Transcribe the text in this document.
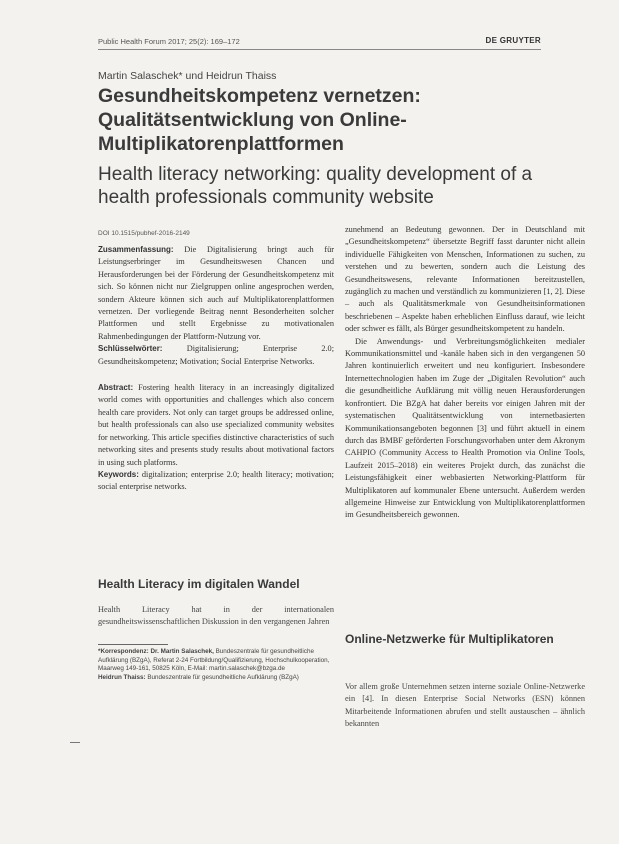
Public Health Forum 2017; 25(2): 169–172	DE GRUYTER
Martin Salaschek* und Heidrun Thaiss
Gesundheitskompetenz vernetzen: Qualitätsentwicklung von Online-Multiplikatorenplattformen
Health literacy networking: quality development of a health professionals community website
DOI 10.1515/pubhef-2016-2149

Zusammenfassung: Die Digitalisierung bringt auch für Leistungserbringer im Gesundheitswesen Chancen und Herausforderungen bei der Förderung der Gesundheitskompetenz mit sich. So können nicht nur Zielgruppen online angesprochen werden, sondern Akteure können sich auch auf Multiplikatorenplattformen vernetzen. Der vorliegende Beitrag nennt Besonderheiten solcher Plattformen und stellt Ergebnisse zu motivationalen Rahmenbedingungen der Plattform-Nutzung vor.

Schlüsselwörter:	Digitalisierung; Enterprise 2.0; Gesundheitskompetenz; Motivation; Social Enterprise Networks.

Abstract: Fostering health literacy in an increasingly digitalized world comes with opportunities and challenges which also concern health care providers. Not only can target groups be addressed online, but health professionals can also use specialized community websites for networking. This article specifies distinctive characteristics of such networking sites and presents study results about motivational factors in using such platforms.

Keywords: digitalization; enterprise 2.0; health literacy; motivation; social enterprise networks.

Health Literacy im digitalen Wandel
Health Literacy hat in der internationalen gesundheitswissenschaftlichen Diskussion in den vergangenen Jahren
*Korrespondenz: Dr. Martin Salaschek, Bundeszentrale für gesundheitliche Aufklärung (BZgA), Referat 2-24 Fortbildung/Qualifizierung, Hochschulkooperation, Maarweg 149-161, 50825 Köln, E-Mail: martin.salaschek@bzga.de
Heidrun Thaiss: Bundeszentrale für gesundheitliche Aufklärung (BZgA)

zunehmend an Bedeutung gewonnen. Der in Deutschland mit „Gesundheitskompetenz“ übersetzte Begriff fasst darunter nicht allein individuelle Fähigkeiten von Menschen, Informationen zu suchen, zu verstehen und zu bewerten, sondern auch die Leistung des Gesundheitswesens, relevante Informationen bereitzustellen, zugänglich zu machen und verständlich zu kommunizieren [1, 2]. Diese – auch als Qualitätsmerkmale von Gesundheitsinformationen beschriebenen – Aspekte haben erheblichen Einfluss darauf, wie leicht oder schwer es fällt, als Bürger gesundheitskompetent zu handeln.

Die Anwendungs- und Verbreitungsmöglichkeiten medialer Kommunikationsmittel und -kanäle haben sich in den vergangenen 50 Jahren kontinuierlich erweitert und neu konfiguriert. Insbesondere Internettechnologien haben im Zuge der „Digitalen Revolution“ auch die gesundheitliche Aufklärung mit völlig neuen Herausforderungen konfrontiert. Die BZgA hat daher bereits vor einigen Jahren mit der systematischen Qualitätsentwicklung von internetbasierten Kommunikationsangeboten begonnen [3] und führt aktuell in einem durch das BMBF geförderten Forschungsvorhaben unter dem Akronym CAHPIO (Community Access to Health Promotion via Online Tools, Laufzeit 2015–2018) ein weiteres Projekt durch, das zunächst die Leistungsfähigkeit einer webbasierten Networking-Plattform für Multiplikatoren auf kommunaler Ebene untersucht. Außerdem werden allgemeine Hinweise zur Entwicklung von Multiplikatorenplattformen im Gesundheitsbereich gewonnen.

Online-Netzwerke für Multiplikatoren
Vor allem große Unternehmen setzen interne soziale Online-Netzwerke ein [4]. In diesen Enterprise Social Networks (ESN) können Mitarbeitende Informationen abrufen und stellt austauschen – ähnlich bekannten
